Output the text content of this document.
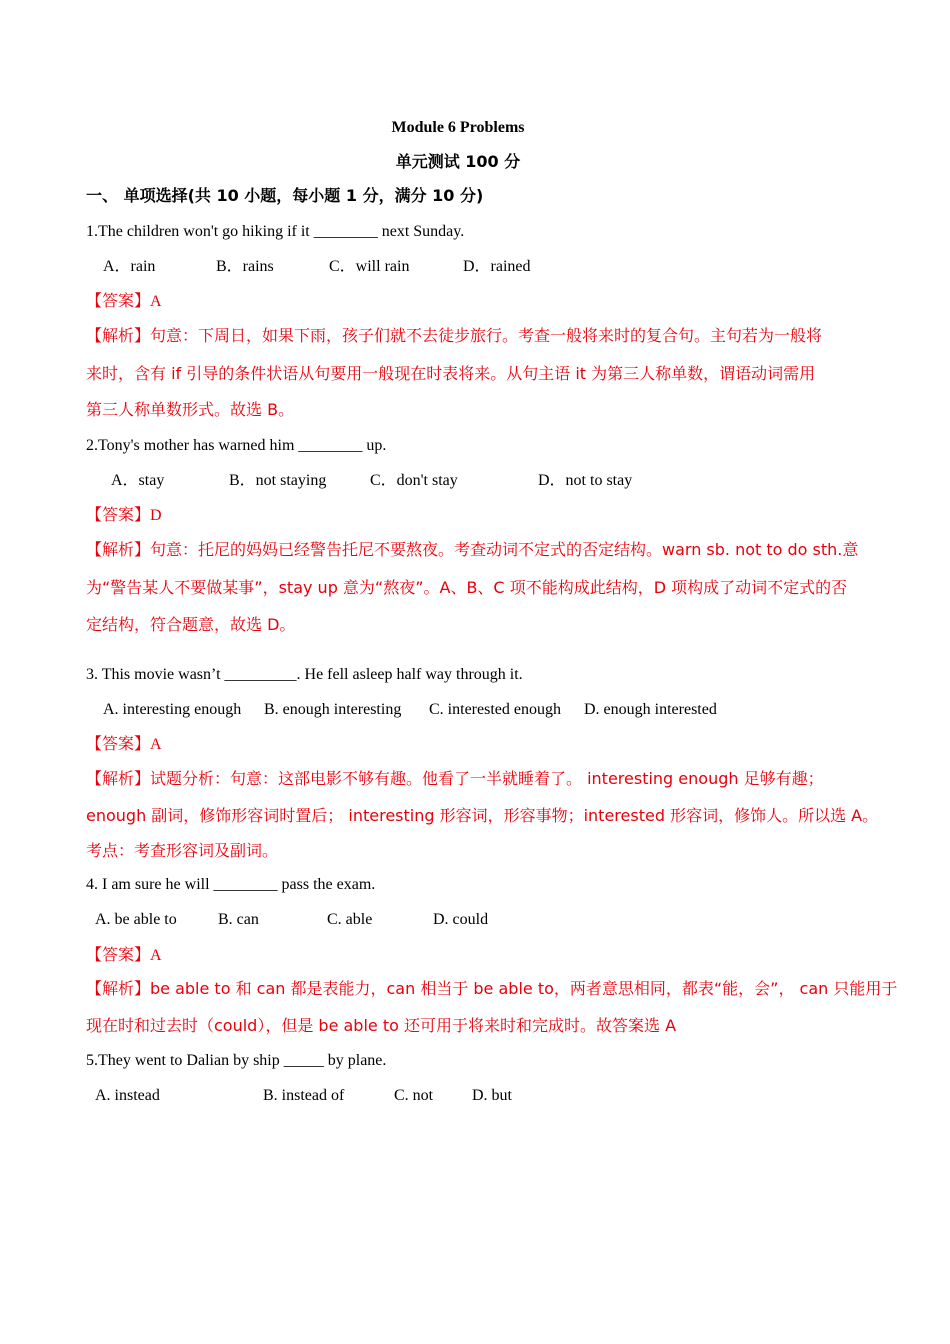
Module 6 Problems
单元测试 100 分
一、 单项选择(共 10 小题，每小题 1 分，满分 10 分)
1.The children won't go hiking if it ________ next Sunday.
A．rain	B．rains	C．will rain	D．rained
【答案】A
【解析】句意：下周日，如果下雨，孩子们就不去徒步旅行。考查一般将来时的复合句。主句若为一般将
来时，含有 if 引导的条件状语从句要用一般现在时表将来。从句主语 it 为第三人称单数，谓语动词需用
第三人称单数形式。故选 B。
2.Tony's mother has warned him ________ up.
A．stay	B．not staying	C．don't stay	D．not to stay
【答案】D
【解析】句意：托尼的妈妈已经警告托尼不要熬夜。考查动词不定式的否定结构。warn sb. not to do sth.意
为“警告某人不要做某事”，stay up 意为“熬夜”。A、B、C 项不能构成此结构，D 项构成了动词不定式的否
定结构，符合题意，故选 D。
3. This movie wasn’t _________. He fell asleep half way through it.
A. interesting enough B. enough interesting C. interested enough D. enough interested
【答案】A
【解析】试题分析：句意：这部电影不够有趣。他看了一半就睡着了。 interesting enough 足够有趣；
enough 副词，修饰形容词时置后； interesting 形容词，形容事物；interested 形容词，修饰人。所以选 A。
考点：考查形容词及副词。
4. I am sure he will ________ pass the exam.
A. be able to	B. can	C. able	D. could
【答案】A
【解析】be able to 和 can 都是表能力，can 相当于 be able to，两者意思相同，都表“能，会”， can 只能用于
现在时和过去时（could），但是 be able to 还可用于将来时和完成时。故答案选 A
5.They went to Dalian by ship _____ by plane.
A. instead	B. instead of	C. not D. but
